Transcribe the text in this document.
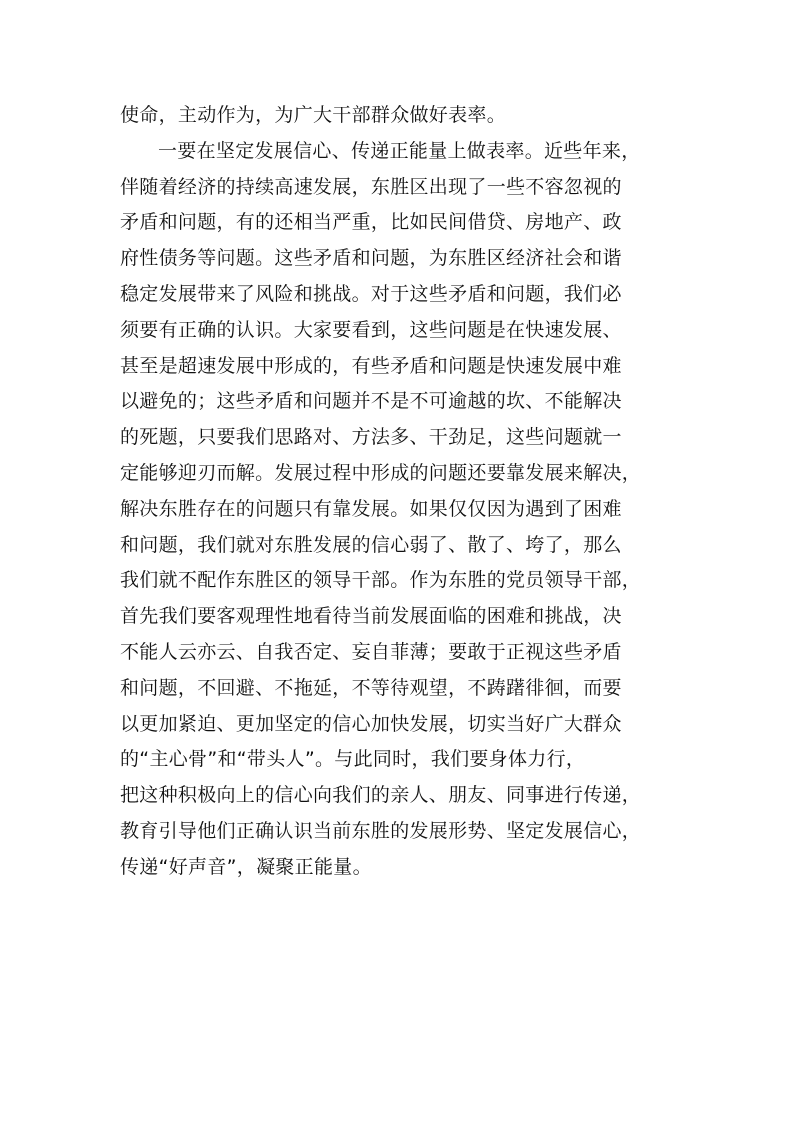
使命，主动作为，为广大干部群众做好表率。
一要在坚定发展信心、传递正能量上做表率。近些年来，
伴随着经济的持续高速发展，东胜区出现了一些不容忽视的
矛盾和问题，有的还相当严重，比如民间借贷、房地产、政
府性债务等问题。这些矛盾和问题，为东胜区经济社会和谐
稳定发展带来了风险和挑战。对于这些矛盾和问题，我们必
须要有正确的认识。大家要看到，这些问题是在快速发展、
甚至是超速发展中形成的，有些矛盾和问题是快速发展中难
以避免的；这些矛盾和问题并不是不可逾越的坎、不能解决
的死题，只要我们思路对、方法多、干劲足，这些问题就一
定能够迎刃而解。发展过程中形成的问题还要靠发展来解决，
解决东胜存在的问题只有靠发展。如果仅仅因为遇到了困难
和问题，我们就对东胜发展的信心弱了、散了、垮了，那么
我们就不配作东胜区的领导干部。作为东胜的党员领导干部，
首先我们要客观理性地看待当前发展面临的困难和挑战，决
不能人云亦云、自我否定、妄自菲薄；要敢于正视这些矛盾
和问题，不回避、不拖延，不等待观望，不踌躇徘徊，而要
以更加紧迫、更加坚定的信心加快发展，切实当好广大群众
的“主心骨”和“带头人”。与此同时，我们要身体力行，
把这种积极向上的信心向我们的亲人、朋友、同事进行传递，
教育引导他们正确认识当前东胜的发展形势、坚定发展信心，
传递“好声音”，凝聚正能量。
